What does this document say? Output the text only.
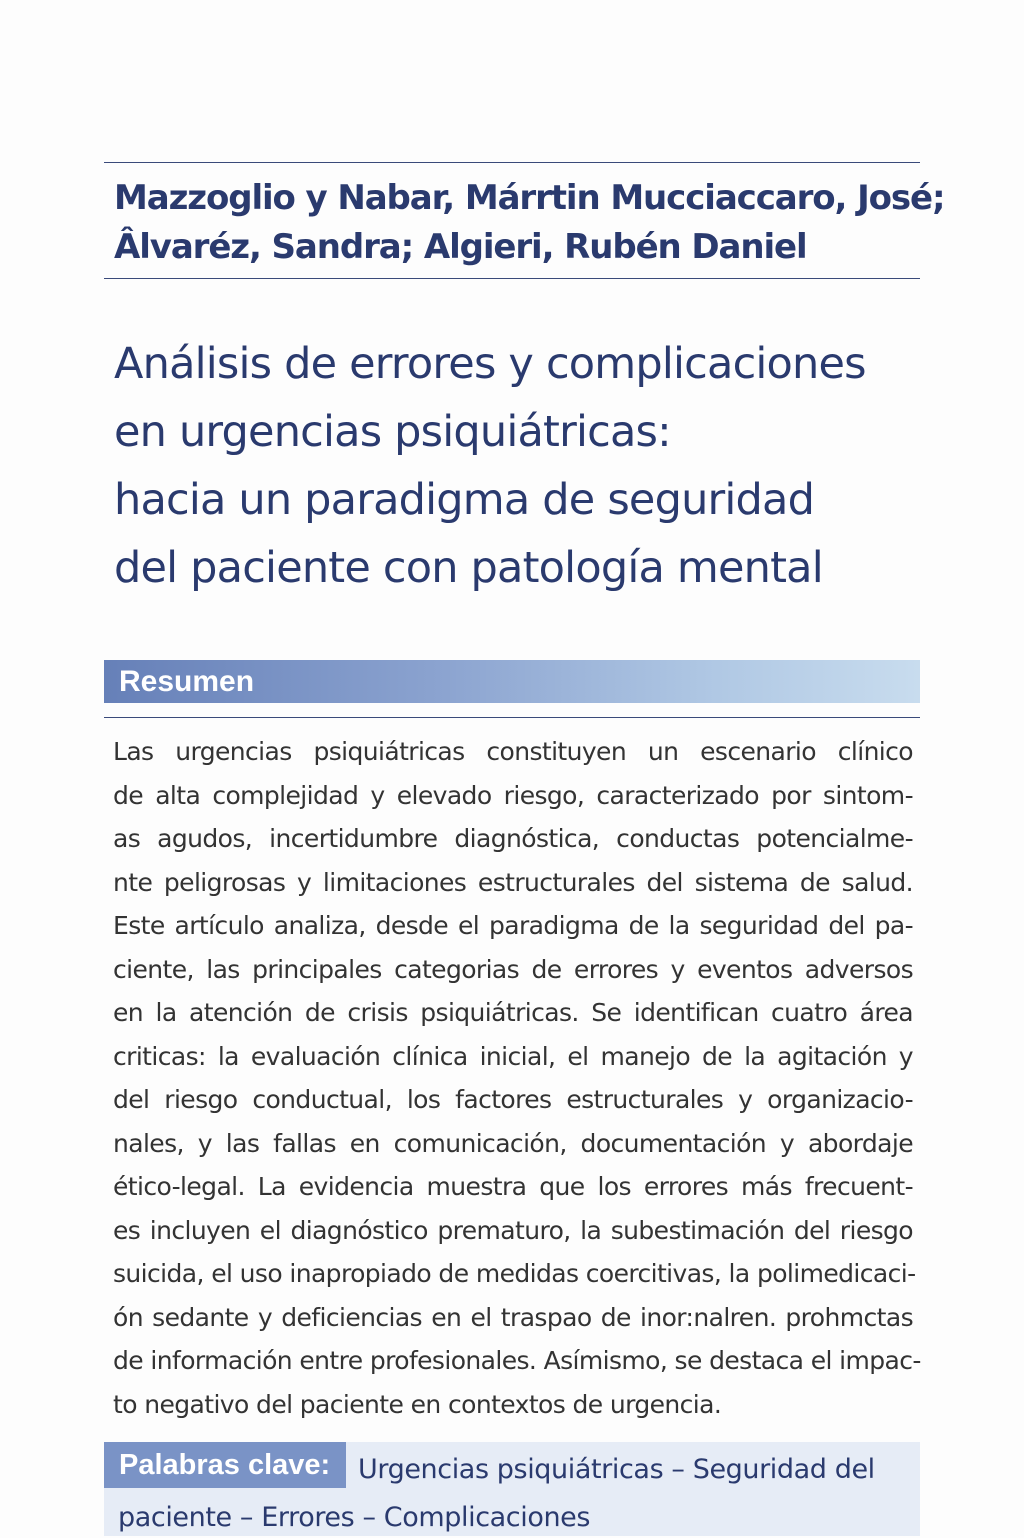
Mazzoglio y Nabar, Márrtin Mucciaccaro, José;
Âlvaréz, Sandra; Algieri, Rubén Daniel
Análisis de errores y complicaciones
en urgencias psiquiátricas:
hacia un paradigma de seguridad
del paciente con patología mental
Resumen
Las urgencias psiquiátricas constituyen un escenario clínico
de alta complejidad y elevado riesgo, caracterizado por sintom-
as agudos, incertidumbre diagnóstica, conductas potencialme-
nte peligrosas y limitaciones estructurales del sistema de salud.
Este artículo analiza, desde el paradigma de la seguridad del pa-
ciente, las principales categorias de errores y eventos adversos
en la atención de crisis psiquiátricas. Se identifican cuatro área
criticas: la evaluación clínica inicial, el manejo de la agitación y
del riesgo conductual, los factores estructurales y organizacio-
nales, y las fallas en comunicación, documentación y abordaje
ético-legal. La evidencia muestra que los errores más frecuent-
es incluyen el diagnóstico prematuro, la subestimación del riesgo
suicida, el uso inapropiado de medidas coercitivas, la polimedicaci-
ón sedante y deficiencias en el traspao de inor:nalren. prohmctas
de información entre profesionales. Asímismo, se destaca el impac-
to negativo del paciente en contextos de urgencia.
Palabras clave: Urgencias psiquiátricas – Seguridad del
paciente – Errores – Complicaciones
